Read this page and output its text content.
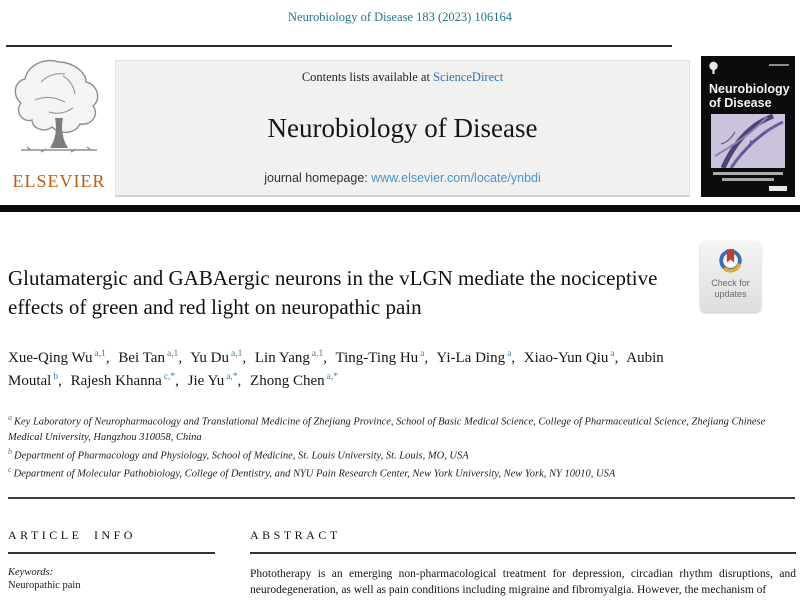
Neurobiology of Disease 183 (2023) 106164
ELSEVIER
Contents lists available at ScienceDirect
Neurobiology of Disease
journal homepage: www.elsevier.com/locate/ynbdi
Neurobiology
of Disease
Check for
updates
Glutamatergic and GABAergic neurons in the vLGN mediate the nociceptive effects of green and red light on neuropathic pain
Xue-Qing Wu $^{a,1}$, Bei Tan $^{a,1}$, Yu Du $^{a,1}$, Lin Yang $^{a,1}$, Ting-Ting Hu $^a$, Yi-La Ding $^a$, Xiao-Yun Qiu $^a$, Aubin Moutal $^b$, Rajesh Khanna $^{c,*}$, Jie Yu $^{a,*}$, Zhong Chen $^{a,*}$
$^a$ Key Laboratory of Neuropharmacology and Translational Medicine of Zhejiang Province, School of Basic Medical Science, College of Pharmaceutical Science, Zhejiang Chinese Medical University, Hangzhou 310058, China
$^b$ Department of Pharmacology and Physiology, School of Medicine, St. Louis University, St. Louis, MO, USA
$^c$ Department of Molecular Pathobiology, College of Dentistry, and NYU Pain Research Center, New York University, New York, NY 10010, USA
ARTICLE INFO

Keywords:

Neuropathic pain

ABSTRACT

Phototherapy is an emerging non-pharmacological treatment for depression, circadian rhythm disruptions, and neurodegeneration, as well as pain conditions including migraine and fibromyalgia. However, the mechanism of
